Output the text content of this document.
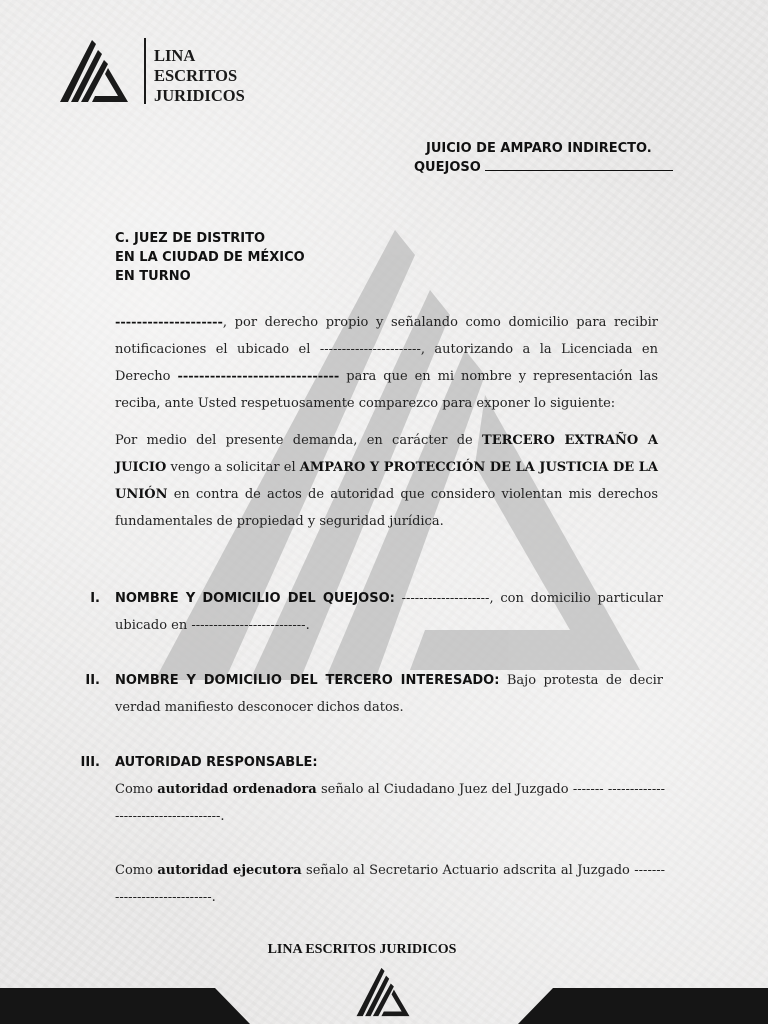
LINA
ESCRITOS
JURIDICOS
JUICIO DE AMPARO INDIRECTO.
QUEJOSO
C. JUEZ DE DISTRITO
EN LA CIUDAD DE MÉXICO
EN TURNO
--------------------, por derecho propio y señalando como domicilio para recibir notificaciones el ubicado el -----------------------, autorizando a la Licenciada en Derecho ------------------------------ para que en mi nombre y representación las reciba, ante Usted respetuosamente comparezco para exponer lo siguiente:
Por medio del presente demanda, en carácter de TERCERO EXTRAÑO A JUICIO vengo a solicitar el AMPARO Y PROTECCIÓN DE LA JUSTICIA DE LA UNIÓN en contra de actos de autoridad que considero violentan mis derechos fundamentales de propiedad y seguridad jurídica.
I. NOMBRE Y DOMICILIO DEL QUEJOSO: --------------------, con domicilio particular ubicado en --------------------------.
II. NOMBRE Y DOMICILIO DEL TERCERO INTERESADO: Bajo protesta de decir verdad manifiesto desconocer dichos datos.
III. AUTORIDAD RESPONSABLE:
Como autoridad ordenadora señalo al Ciudadano Juez del Juzgado ------- -------------------------------------.
Como autoridad ejecutora señalo al Secretario Actuario adscrita al Juzgado -----------------------------.
LINA ESCRITOS JURIDICOS
